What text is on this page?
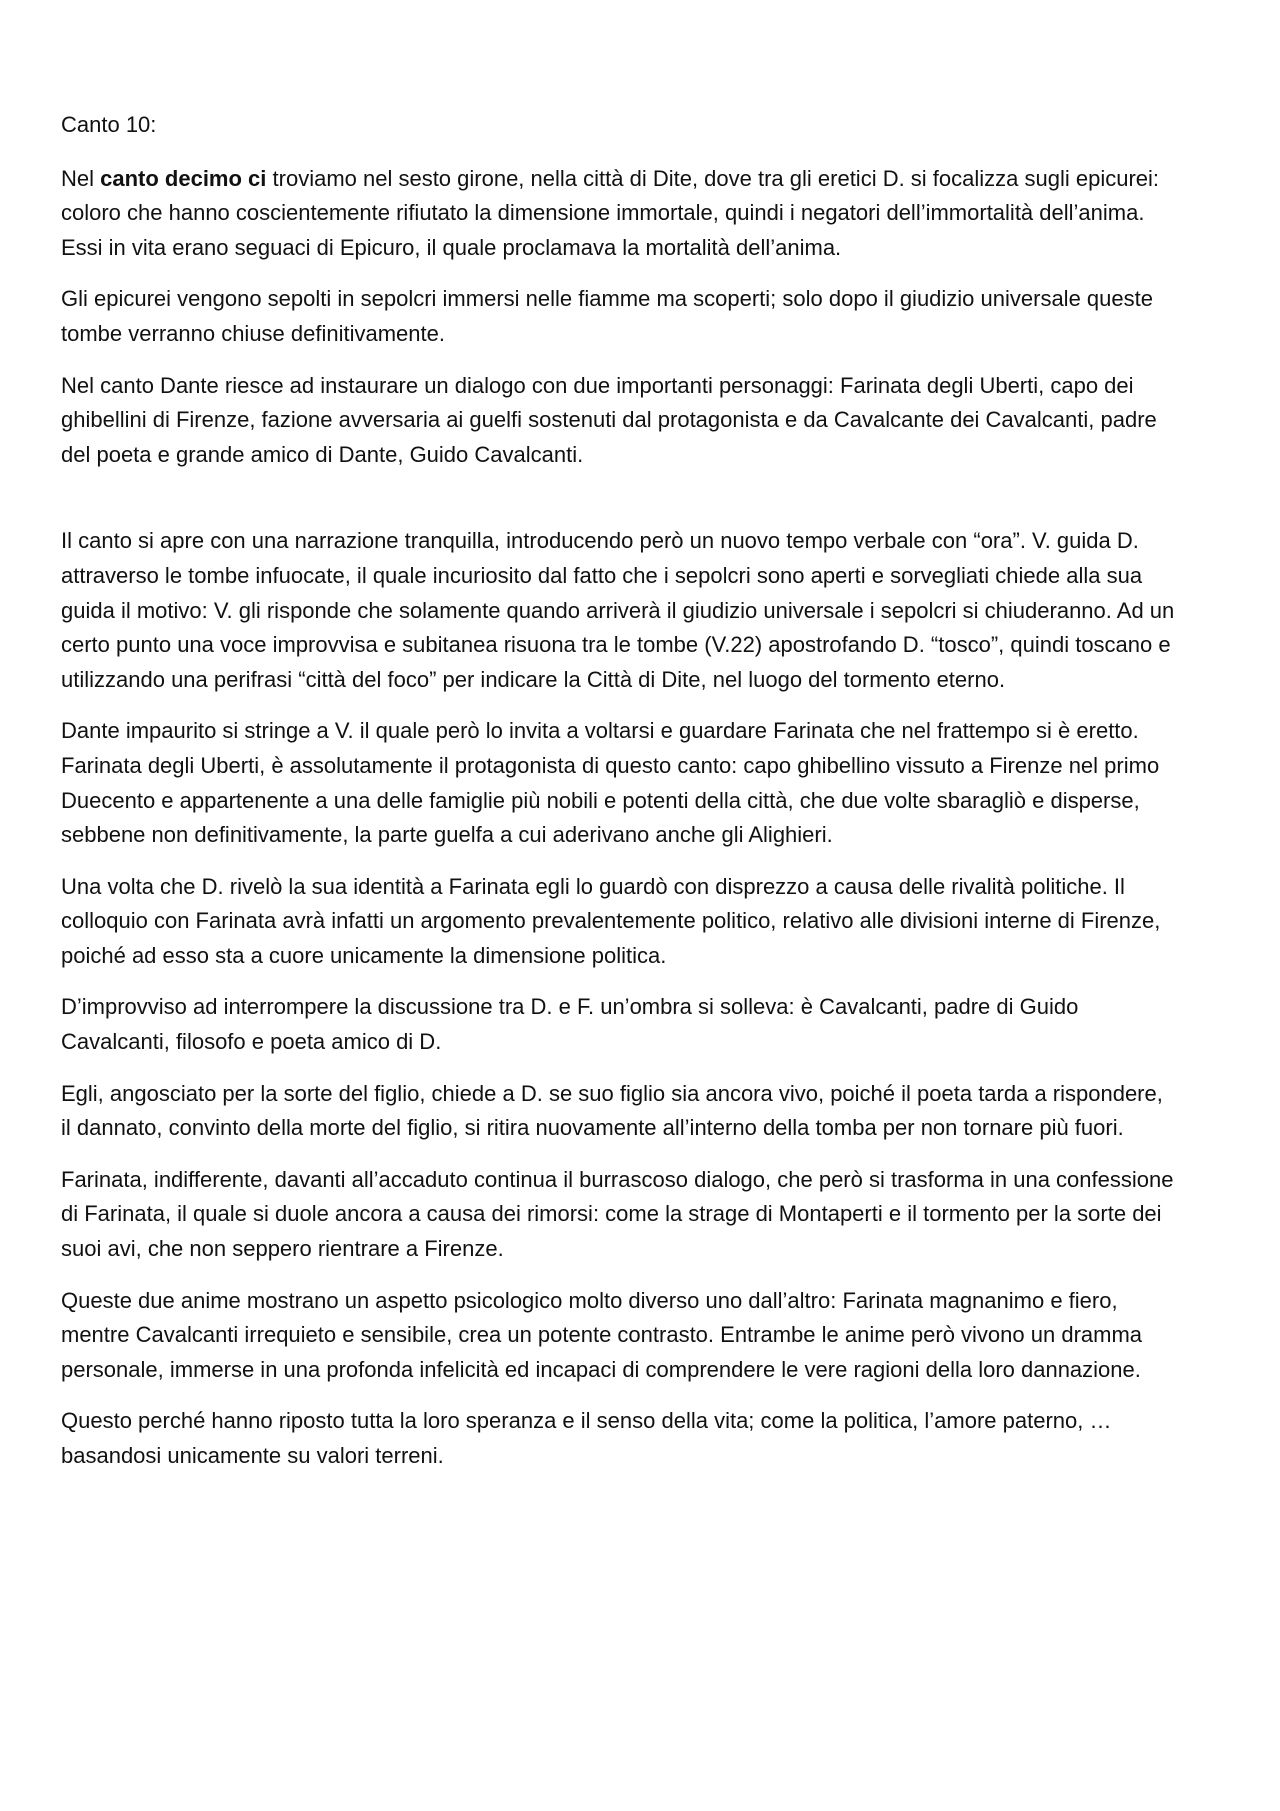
Canto 10:

Nel canto decimo ci troviamo nel sesto girone, nella città di Dite, dove tra gli eretici D. si focalizza sugli epicurei: coloro che hanno coscientemente rifiutato la dimensione immortale, quindi i negatori dell’immortalità dell’anima. Essi in vita erano seguaci di Epicuro, il quale proclamava la mortalità dell’anima.

Gli epicurei vengono sepolti in sepolcri immersi nelle fiamme ma scoperti; solo dopo il giudizio universale queste tombe verranno chiuse definitivamente.

Nel canto Dante riesce ad instaurare un dialogo con due importanti personaggi: Farinata degli Uberti, capo dei ghibellini di Firenze, fazione avversaria ai guelfi sostenuti dal protagonista e da Cavalcante dei Cavalcanti, padre del poeta e grande amico di Dante, Guido Cavalcanti.

Il canto si apre con una narrazione tranquilla, introducendo però un nuovo tempo verbale con “ora”. V. guida D. attraverso le tombe infuocate, il quale incuriosito dal fatto che i sepolcri sono aperti e sorvegliati chiede alla sua guida il motivo: V. gli risponde che solamente quando arriverà il giudizio universale i sepolcri si chiuderanno. Ad un certo punto una voce improvvisa e subitanea risuona tra le tombe (V.22) apostrofando D. “tosco”, quindi toscano e utilizzando una perifrasi “città del foco” per indicare la Città di Dite, nel luogo del tormento eterno.

Dante impaurito si stringe a V. il quale però lo invita a voltarsi e guardare Farinata che nel frattempo si è eretto. Farinata degli Uberti, è assolutamente il protagonista di questo canto: capo ghibellino vissuto a Firenze nel primo Duecento e appartenente a una delle famiglie più nobili e potenti della città, che due volte sbaragliò e disperse, sebbene non definitivamente, la parte guelfa a cui aderivano anche gli Alighieri.

Una volta che D. rivelò la sua identità a Farinata egli lo guardò con disprezzo a causa delle rivalità politiche. Il colloquio con Farinata avrà infatti un argomento prevalentemente politico, relativo alle divisioni interne di Firenze, poiché ad esso sta a cuore unicamente la dimensione politica.

D’improvviso ad interrompere la discussione tra D. e F. un’ombra si solleva: è Cavalcanti, padre di Guido Cavalcanti, filosofo e poeta amico di D.

Egli, angosciato per la sorte del figlio, chiede a D. se suo figlio sia ancora vivo, poiché il poeta tarda a rispondere, il dannato, convinto della morte del figlio, si ritira nuovamente all’interno della tomba per non tornare più fuori.

Farinata, indifferente, davanti all’accaduto continua il burrascoso dialogo, che però si trasforma in una confessione di Farinata, il quale si duole ancora a causa dei rimorsi: come la strage di Montaperti e il tormento per la sorte dei suoi avi, che non seppero rientrare a Firenze.

Queste due anime mostrano un aspetto psicologico molto diverso uno dall’altro: Farinata magnanimo e fiero, mentre Cavalcanti irrequieto e sensibile, crea un potente contrasto. Entrambe le anime però vivono un dramma personale, immerse in una profonda infelicità ed incapaci di comprendere le vere ragioni della loro dannazione.

Questo perché hanno riposto tutta la loro speranza e il senso della vita; come la politica, l’amore paterno, … basandosi unicamente su valori terreni.
